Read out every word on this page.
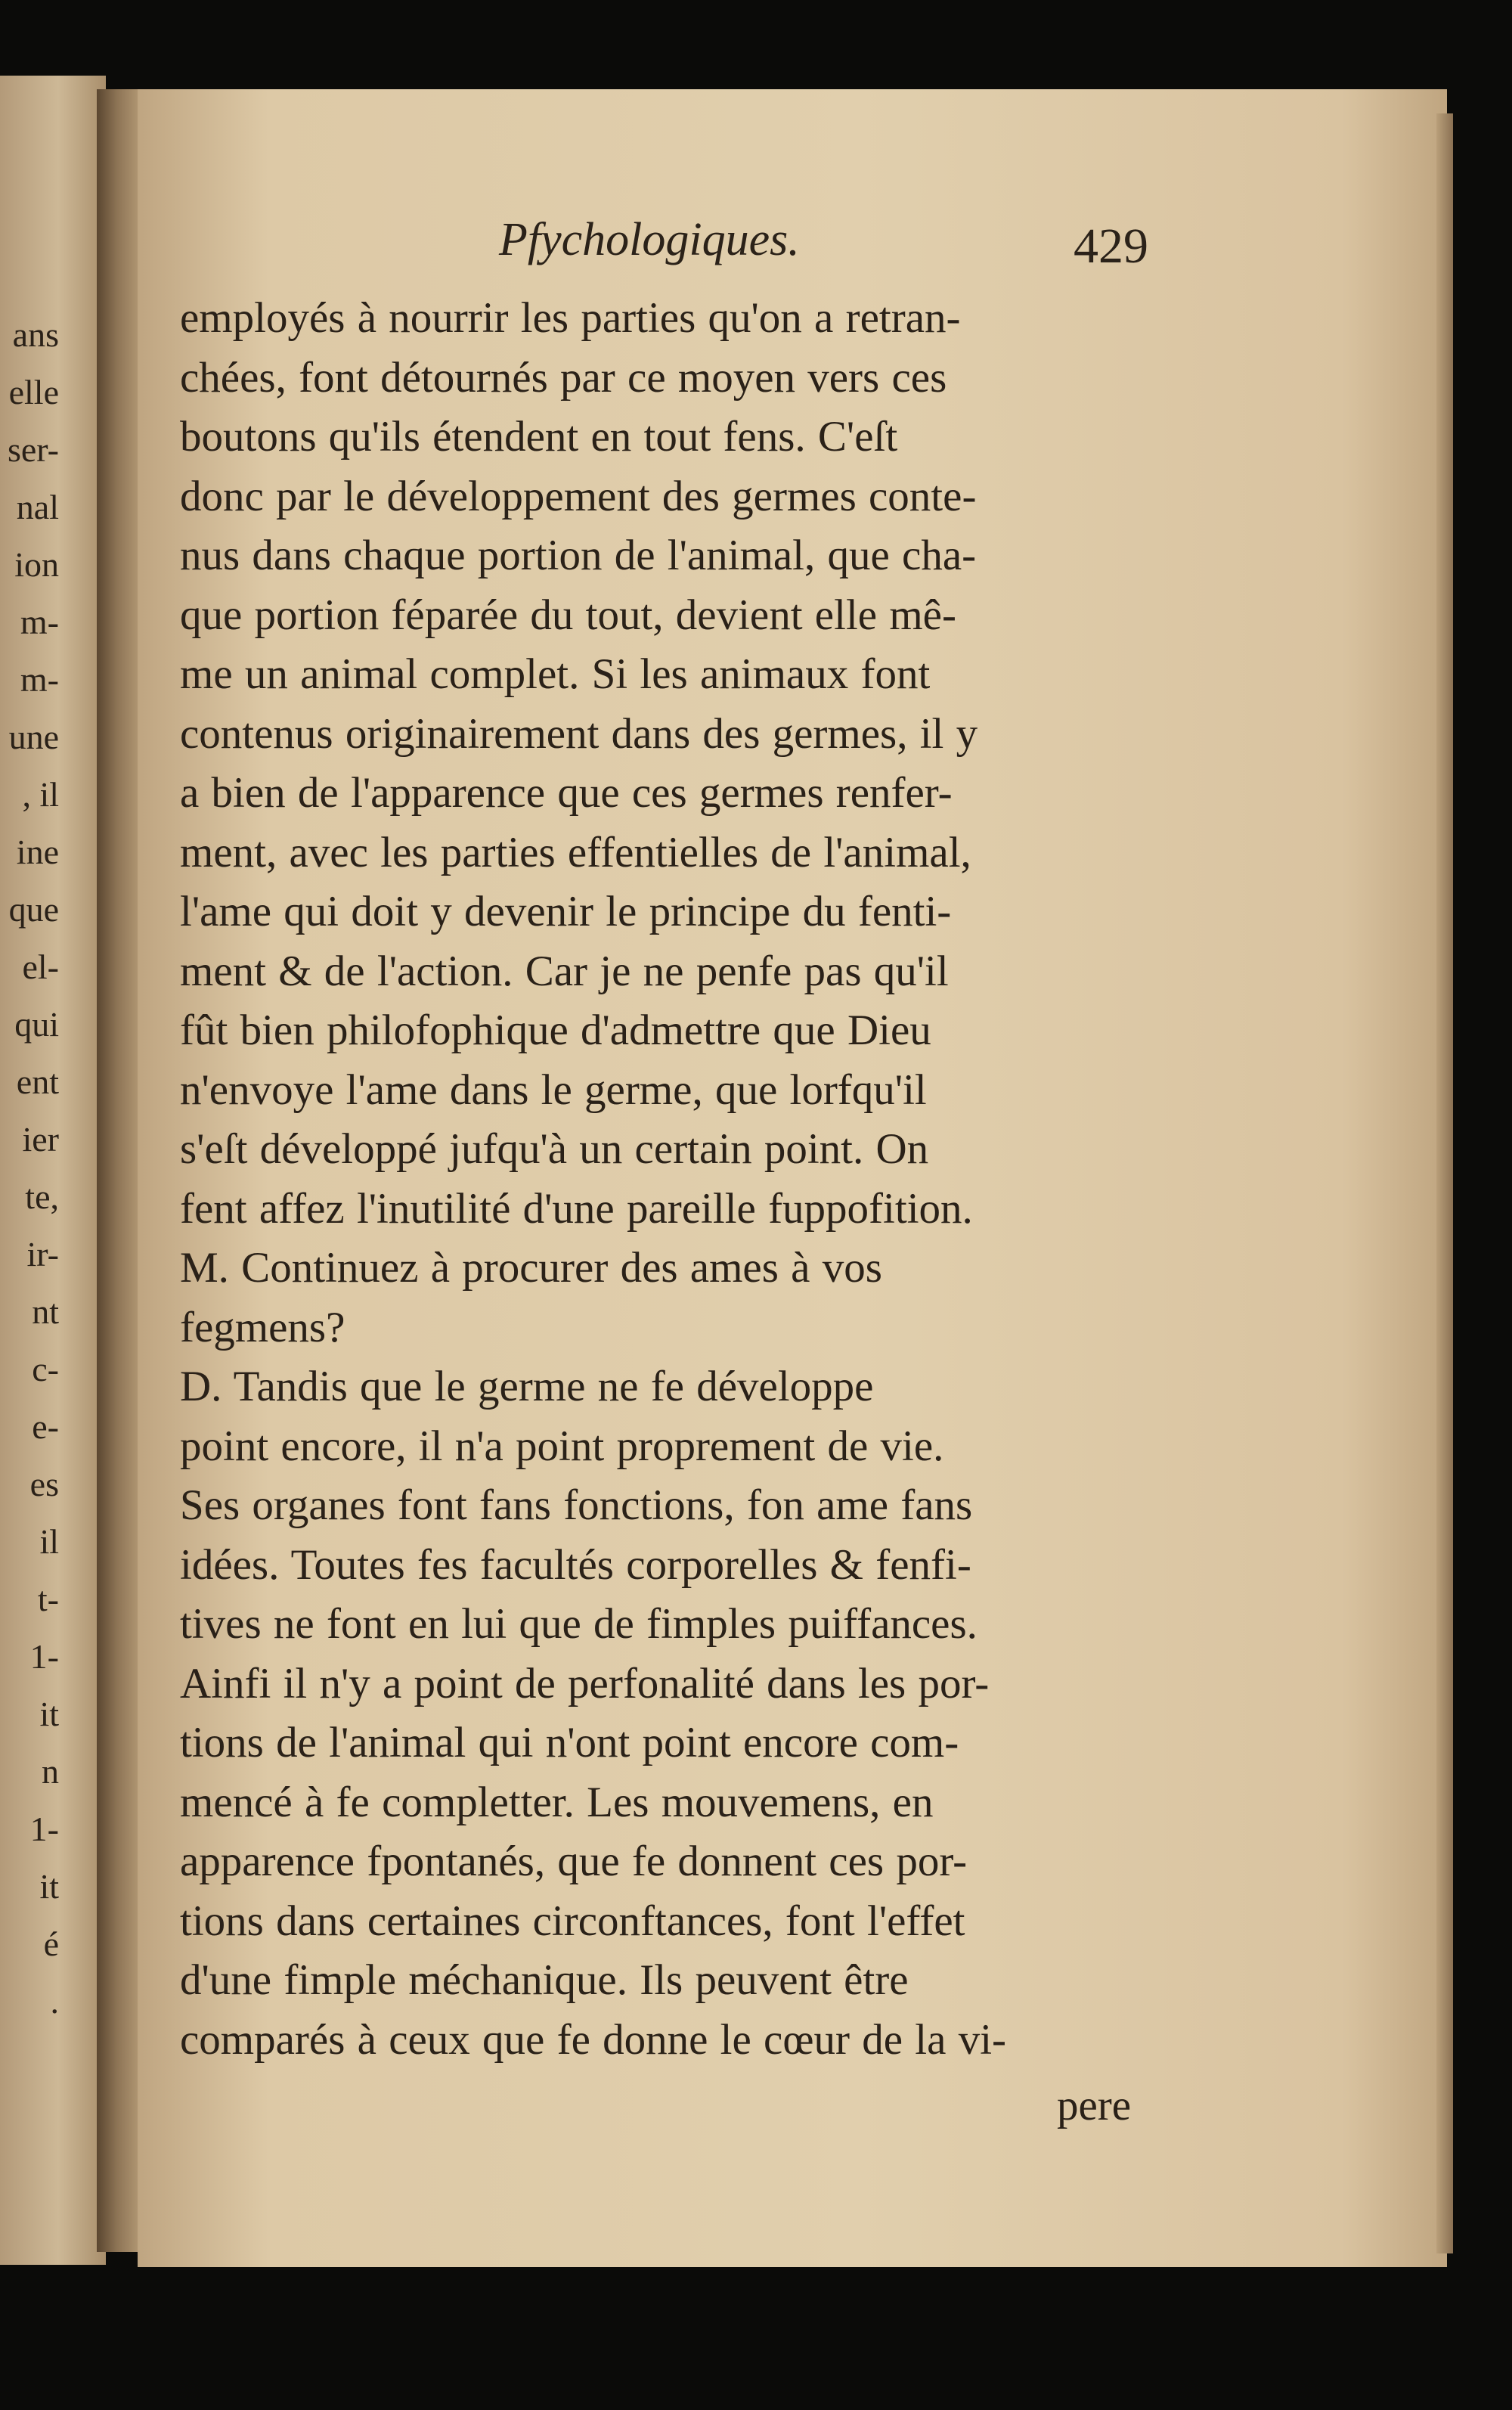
ans
elle
ser-
nal
ion
m-
m-
une
, il
ine
que
el-
qui
ent
ier
te,
ir-
nt
c-
e-
es
il
t-
1-
it
n
1-
it
é
.
Pfychologiques.	429

employés à nourrir les parties qu'on a retran-

chées, font détournés par ce moyen vers ces

boutons qu'ils étendent en tout fens. C'eſt

donc par le développement des germes conte-

nus dans chaque portion de l'animal, que cha-

que portion féparée du tout, devient elle mê-

me un animal complet. Si les animaux font

contenus originairement dans des germes, il y

a bien de l'apparence que ces germes renfer-

ment, avec les parties effentielles de l'animal,

l'ame qui doit y devenir le principe du fenti-

ment & de l'action. Car je ne penfe pas qu'il

fût bien philofophique d'admettre que Dieu

n'envoye l'ame dans le germe, que lorfqu'il

s'eſt développé jufqu'à un certain point. On

fent affez l'inutilité d'une pareille fuppofition.

M. Continuez à procurer des ames à vos

fegmens?

D. Tandis que le germe ne fe développe

point encore, il n'a point proprement de vie.

Ses organes font fans fonctions, fon ame fans

idées. Toutes fes facultés corporelles & fenfi-

tives ne font en lui que de fimples puiffances.

Ainfi il n'y a point de perfonalité dans les por-

tions de l'animal qui n'ont point encore com-

mencé à fe completter. Les mouvemens, en

apparence fpontanés, que fe donnent ces por-

tions dans certaines circonftances, font l'effet

d'une fimple méchanique. Ils peuvent être

comparés à ceux que fe donne le cœur de la vi-

pere
